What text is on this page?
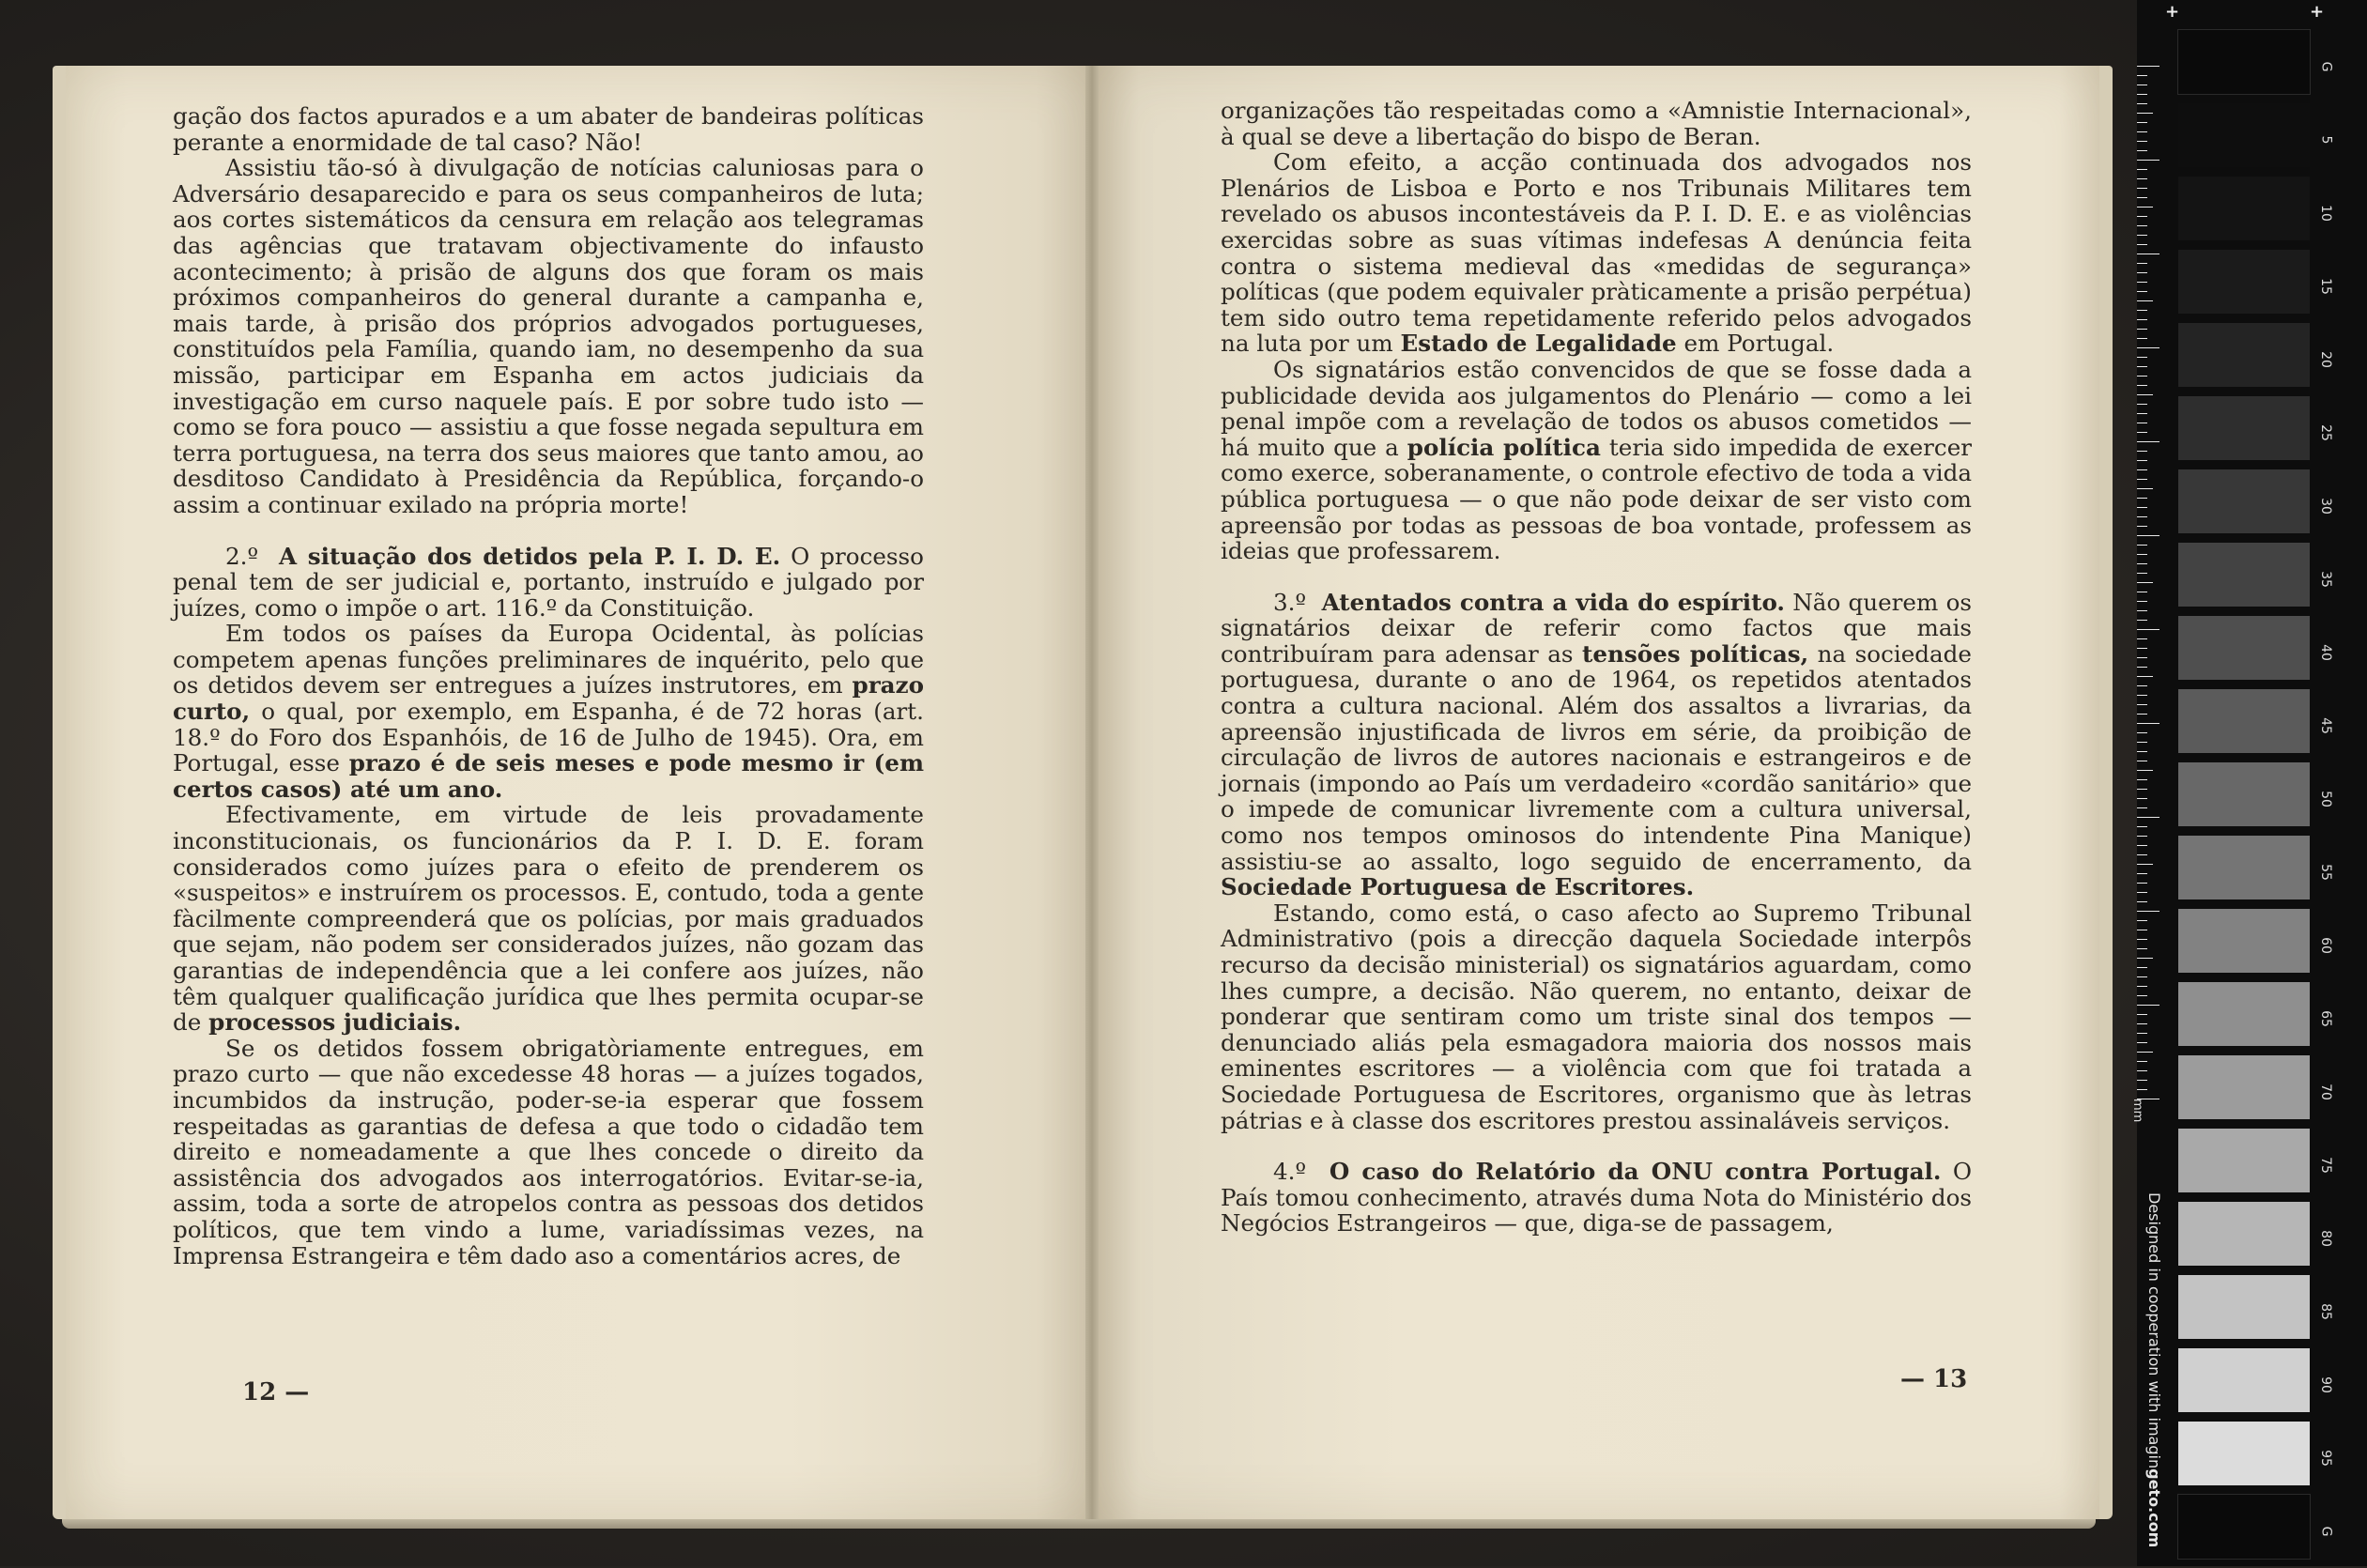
gação dos factos apurados e a um abater de bandeiras políticas perante a enormidade de tal caso? Não!

Assistiu tão-só à divulgação de notícias caluniosas para o Adversário desaparecido e para os seus companheiros de luta; aos cortes sistemáticos da censura em relação aos telegramas das agências que tratavam objectivamente do infausto acontecimento; à prisão de alguns dos que foram os mais próximos companheiros do general durante a campanha e, mais tarde, à prisão dos próprios advogados portugueses, constituídos pela Família, quando iam, no desempenho da sua missão, participar em Espanha em actos judiciais da investigação em curso naquele país. E por sobre tudo isto — como se fora pouco — assistiu a que fosse negada sepultura em terra portuguesa, na terra dos seus maiores que tanto amou, ao desditoso Candidato à Presidência da República, forçando-o assim a continuar exilado na própria morte!

2.º A situação dos detidos pela P. I. D. E. O processo penal tem de ser judicial e, portanto, instruído e julgado por juízes, como o impõe o art. 116.º da Constituição.

Em todos os países da Europa Ocidental, às polícias competem apenas funções preliminares de inquérito, pelo que os detidos devem ser entregues a juízes instrutores, em prazo curto, o qual, por exemplo, em Espanha, é de 72 horas (art. 18.º do Foro dos Espanhóis, de 16 de Julho de 1945). Ora, em Portugal, esse prazo é de seis meses e pode mesmo ir (em certos casos) até um ano.

Efectivamente, em virtude de leis provadamente inconstitucionais, os funcionários da P. I. D. E. foram considerados como juízes para o efeito de prenderem os «suspeitos» e instruírem os processos. E, contudo, toda a gente fàcilmente compreenderá que os polícias, por mais graduados que sejam, não podem ser considerados juízes, não gozam das garantias de independência que a lei confere aos juízes, não têm qualquer qualificação jurídica que lhes permita ocupar-se de processos judiciais.

Se os detidos fossem obrigatòriamente entregues, em prazo curto — que não excedesse 48 horas — a juízes togados, incumbidos da instrução, poder-se-ia esperar que fossem respeitadas as garantias de defesa a que todo o cidadão tem direito e nomeadamente a que lhes concede o direito da assistência dos advogados aos interrogatórios. Evitar-se-ia, assim, toda a sorte de atropelos contra as pessoas dos detidos políticos, que tem vindo a lume, variadíssimas vezes, na Imprensa Estrangeira e têm dado aso a comentários acres, de

12 —

organizações tão respeitadas como a «Amnistie Internacional», à qual se deve a libertação do bispo de Beran.

Com efeito, a acção continuada dos advogados nos Plenários de Lisboa e Porto e nos Tribunais Militares tem revelado os abusos incontestáveis da P. I. D. E. e as violências exercidas sobre as suas vítimas indefesas A denúncia feita contra o sistema medieval das «medidas de segurança» políticas (que podem equivaler pràticamente a prisão perpétua) tem sido outro tema repetidamente referido pelos advogados na luta por um Estado de Legalidade em Portugal.

Os signatários estão convencidos de que se fosse dada a publicidade devida aos julgamentos do Plenário — como a lei penal impõe com a revelação de todos os abusos cometidos — há muito que a polícia política teria sido impedida de exercer como exerce, soberanamente, o controle efectivo de toda a vida pública portuguesa — o que não pode deixar de ser visto com apreensão por todas as pessoas de boa vontade, professem as ideias que professarem.

3.º Atentados contra a vida do espírito. Não querem os signatários deixar de referir como factos que mais contribuíram para adensar as tensões políticas, na sociedade portuguesa, durante o ano de 1964, os repetidos atentados contra a cultura nacional. Além dos assaltos a livrarias, da apreensão injustificada de livros em série, da proibição de circulação de livros de autores nacionais e estrangeiros e de jornais (impondo ao País um verdadeiro «cordão sanitário» que o impede de comunicar livremente com a cultura universal, como nos tempos ominosos do intendente Pina Manique) assistiu-se ao assalto, logo seguido de encerramento, da Sociedade Portuguesa de Escritores.

Estando, como está, o caso afecto ao Supremo Tribunal Administrativo (pois a direcção daquela Sociedade interpôs recurso da decisão ministerial) os signatários aguardam, como lhes cumpre, a decisão. Não querem, no entanto, deixar de ponderar que sentiram como um triste sinal dos tempos — denunciado aliás pela esmagadora maioria dos nossos mais eminentes escritores — a violência com que foi tratada a Sociedade Portuguesa de Escritores, organismo que às letras pátrias e à classe dos escritores prestou assinaláveis serviços.

4.º O caso do Relatório da ONU contra Portugal. O País tomou conhecimento, através duma Nota do Ministério dos Negócios Estrangeiros — que, diga-se de passagem,

— 13
+	+
mm
Designed in cooperation with imagingeto.com
G
5
10
15
20
25
30
35
40
45
50
55
60
65
70
75
80
85
90
95
G
